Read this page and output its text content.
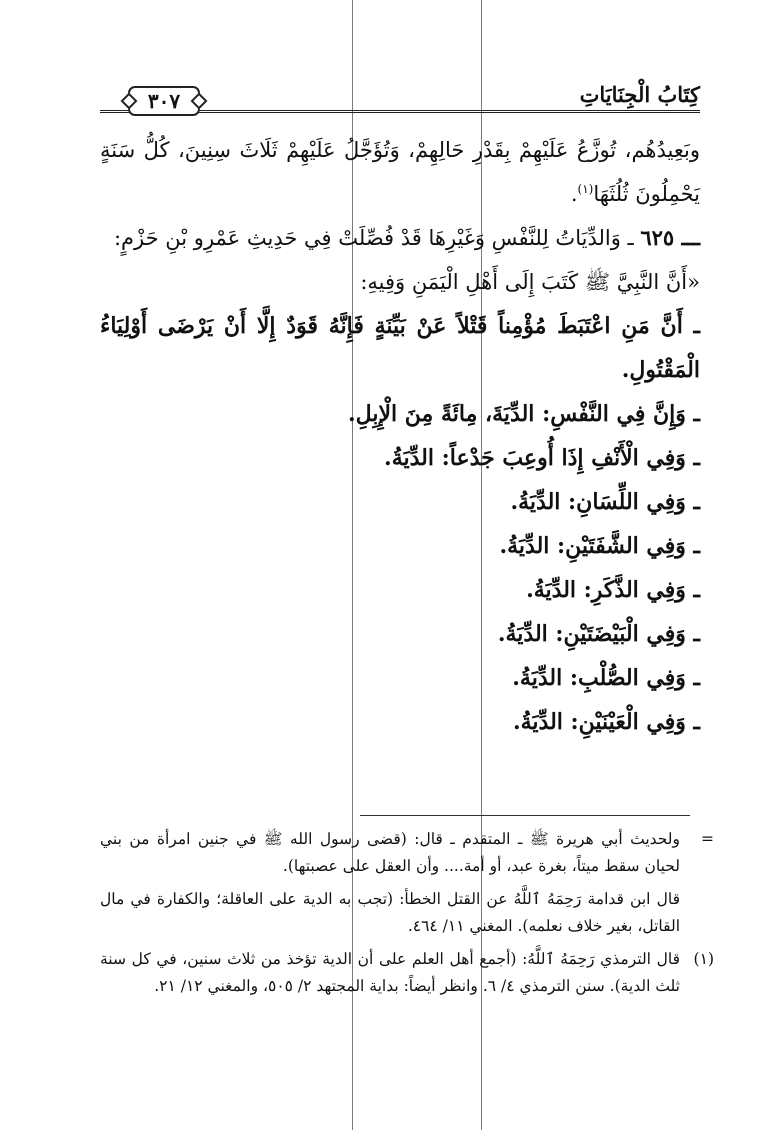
كِتَابُ الْجِنَايَاتِ
٣٠٧

وبَعِيدُهُم، تُوزَّعُ عَلَيْهِمْ بِقَدْرِ حَالِهِمْ، وَتُؤَجَّلُ عَلَيْهِمْ ثَلَاثَ سِنِينَ، كُلُّ سَنَةٍ يَحْمِلُونَ ثُلُثَهَا$^{(١)}$.

ـــ ٦٢٥ ـ وَالدِّيَاتُ لِلنَّفْسِ وَغَيْرِهَا قَدْ فُصِّلَتْ فِي حَدِيثِ عَمْرِو بْنِ حَزْمٍ:

«أَنَّ النَّبِيَّ ﷺ كَتَبَ إِلَى أَهْلِ الْيَمَنِ وَفِيهِ:

ـ أَنَّ مَنِ اعْتَبَطَ مُؤْمِناً قَتْلاً عَنْ بَيِّنَةٍ فَإِنَّهُ قَوَدٌ إِلَّا أَنْ يَرْضَى أَوْلِيَاءُ الْمَقْتُولِ.
ـ وَإِنَّ فِي النَّفْسِ: الدِّيَةَ، مِائَةً مِنَ الْإِبِلِ.
ـ وَفِي الْأَنْفِ إِذَا أُوعِبَ جَدْعاً: الدِّيَةُ.
ـ وَفِي اللِّسَانِ: الدِّيَةُ.
ـ وَفِي الشَّفَتَيْنِ: الدِّيَةُ.
ـ وَفِي الذَّكَرِ: الدِّيَةُ.
ـ وَفِي الْبَيْضَتَيْنِ: الدِّيَةُ.
ـ وَفِي الصُّلْبِ: الدِّيَةُ.
ـ وَفِي الْعَيْنَيْنِ: الدِّيَةُ.

=
ولحديث أبي هريرة ﷺ ـ المتقدم ـ قال: (قضى رسول الله ﷺ في جنين امرأة من بني لحيان سقط ميتاً، بغرة عبد، أو أمة.... وأن العقل على عصبتها).

قال ابن قدامة رَحِمَهُ ٱللَّهُ عن القتل الخطأ: (تجب به الدية على العاقلة؛ والكفارة في مال القاتل، بغير خلاف نعلمه). المغني ١١/ ٤٦٤.

(١)
قال الترمذي رَحِمَهُ ٱللَّهُ: (أجمع أهل العلم على أن الدية تؤخذ من ثلاث سنين، في كل سنة ثلث الدية). سنن الترمذي ٤/ ٦. وانظر أيضاً: بداية المجتهد ٢/ ٥٠٥، والمغني ١٢/ ٢١.
